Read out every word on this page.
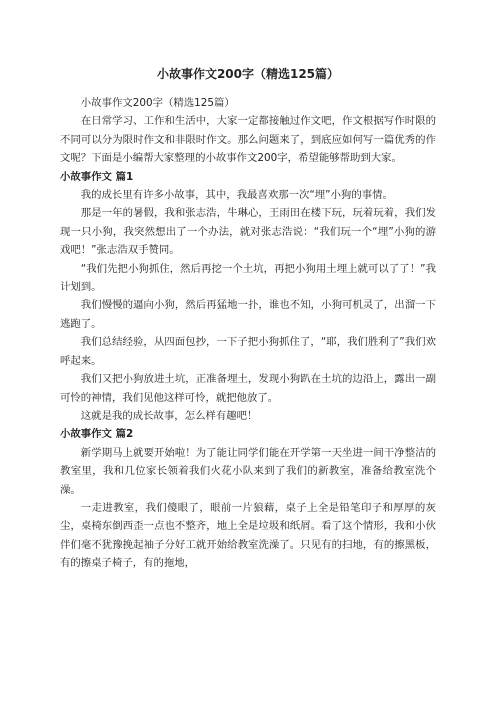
小故事作文200字（精选125篇）

小故事作文200字（精选125篇）

在日常学习、工作和生活中，大家一定都接触过作文吧，作文根据写作时限的不同可以分为限时作文和非限时作文。那么问题来了，到底应如何写一篇优秀的作文呢？下面是小编帮大家整理的小故事作文200字，希望能够帮助到大家。

小故事作文 篇1

我的成长里有许多小故事，其中，我最喜欢那一次“埋”小狗的事情。

那是一年的暑假，我和张志浩，牛琳心，王雨田在楼下玩，玩着玩着，我们发现一只小狗，我突然想出了一个办法，就对张志浩说：“我们玩一个“埋”小狗的游戏吧！”张志浩双手赞同。

“我们先把小狗抓住，然后再挖一个土坑，再把小狗用土埋上就可以了了！”我计划到。

我们慢慢的逼向小狗，然后再猛地一扑，谁也不知，小狗可机灵了，出溜一下逃跑了。

我们总结经验，从四面包抄，一下子把小狗抓住了，“耶，我们胜利了”我们欢呼起来。

我们又把小狗放进土坑，正准备埋土，发现小狗趴在土坑的边沿上，露出一副可怜的神情，我们见他这样可怜，就把他放了。

这就是我的成长故事，怎么样有趣吧！

小故事作文 篇2

新学期马上就要开始啦！为了能让同学们能在开学第一天坐进一间干净整洁的教室里，我和几位家长领着我们火花小队来到了我们的新教室，准备给教室洗个澡。

一走进教室，我们傻眼了，眼前一片狼藉，桌子上全是铅笔印子和厚厚的灰尘，桌椅东倒西歪一点也不整齐，地上全是垃圾和纸屑。看了这个情形，我和小伙伴们毫不犹豫挽起袖子分好工就开始给教室洗澡了。只见有的扫地，有的擦黑板，有的擦桌子椅子，有的拖地，
